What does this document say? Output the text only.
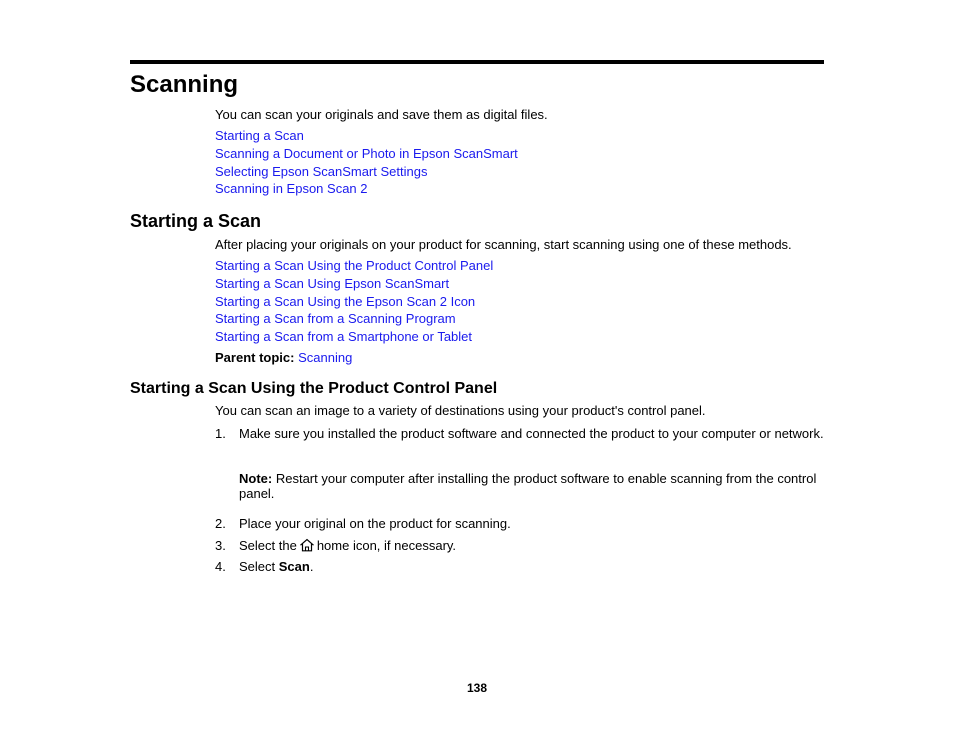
Scanning

You can scan your originals and save them as digital files.

Starting a Scan

Scanning a Document or Photo in Epson ScanSmart

Selecting Epson ScanSmart Settings

Scanning in Epson Scan 2

Starting a Scan

After placing your originals on your product for scanning, start scanning using one of these methods.

Starting a Scan Using the Product Control Panel

Starting a Scan Using Epson ScanSmart

Starting a Scan Using the Epson Scan 2 Icon

Starting a Scan from a Scanning Program

Starting a Scan from a Smartphone or Tablet

Parent topic: Scanning

Starting a Scan Using the Product Control Panel

You can scan an image to a variety of destinations using your product's control panel.

1. Make sure you installed the product software and connected the product to your computer or network.

Note: Restart your computer after installing the product software to enable scanning from the control panel.

2. Place your original on the product for scanning.

3. Select the home icon, if necessary.

4. Select Scan.

138
